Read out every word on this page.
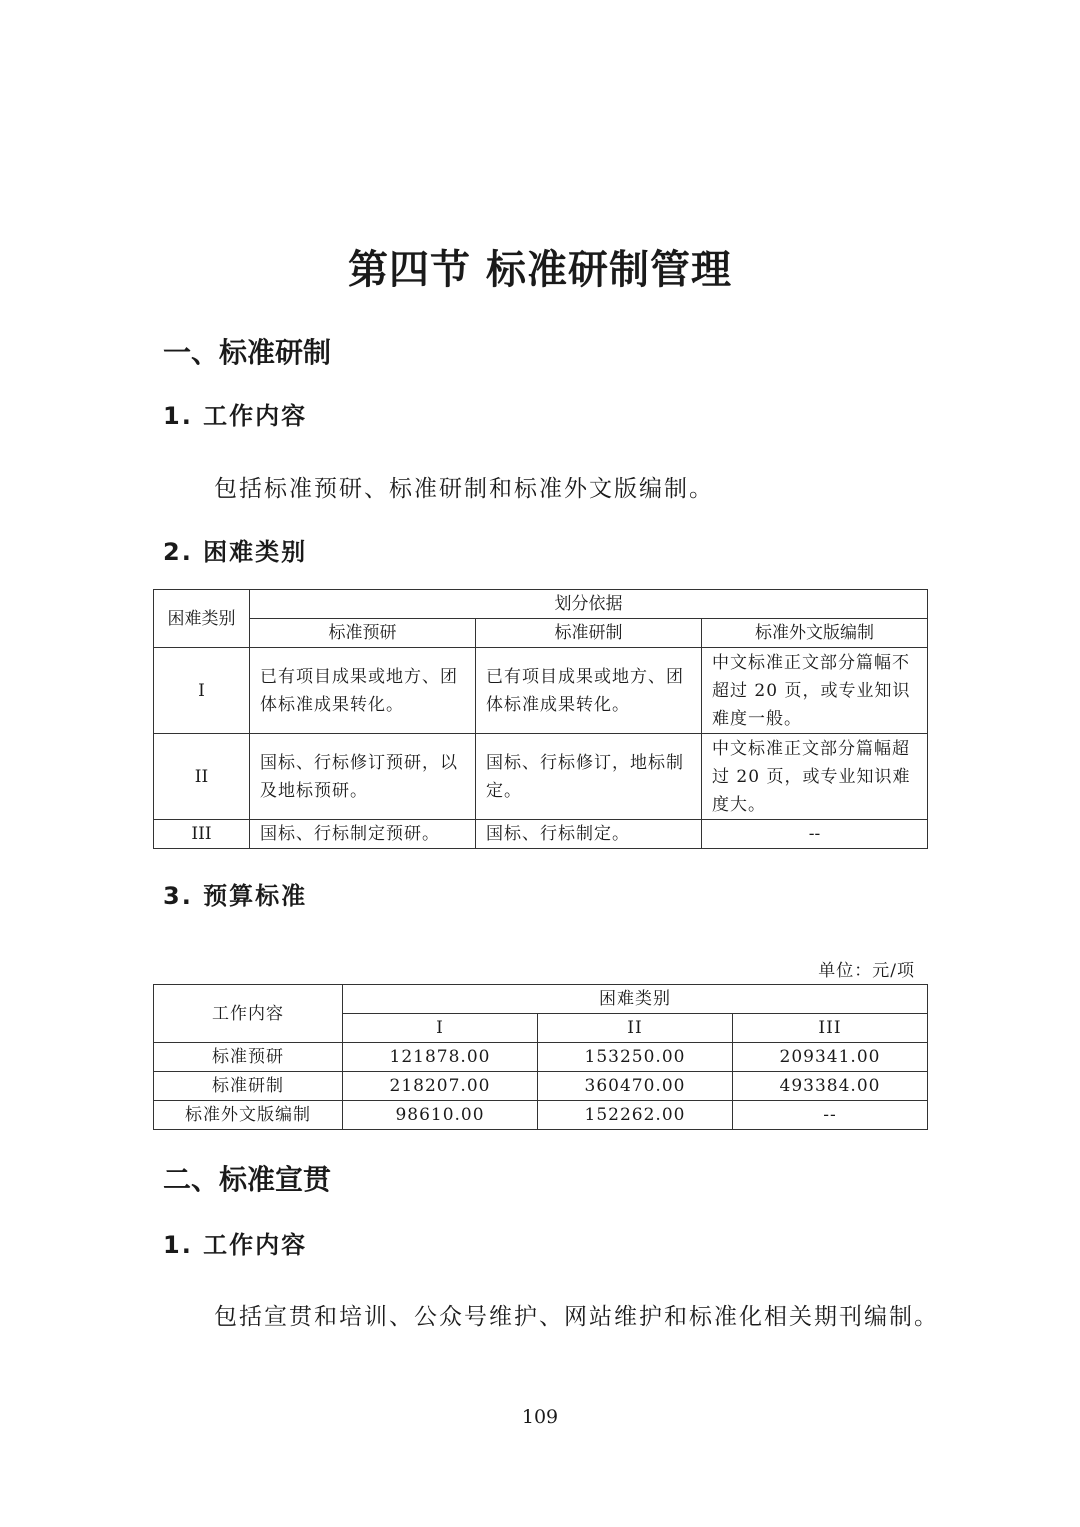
第四节 标准研制管理
一、标准研制
1. 工作内容
包括标准预研、标准研制和标准外文版编制。
2. 困难类别
困难类别	划分依据		
	标准预研	标准研制	标准外文版编制
I	已有项目成果或地方、团体标准成果转化。	已有项目成果或地方、团体标准成果转化。	中文标准正文部分篇幅不超过 20 页，或专业知识难度一般。
II	国标、行标修订预研，以及地标预研。	国标、行标修订，地标制定。	中文标准正文部分篇幅超过 20 页，或专业知识难度大。
III	国标、行标制定预研。	国标、行标制定。	--
3. 预算标准
单位：元/项
工作内容	困难类别		
	I	II	III
标准预研	121878.00	153250.00	209341.00
标准研制	218207.00	360470.00	493384.00
标准外文版编制	98610.00	152262.00	--
二、标准宣贯
1. 工作内容
包括宣贯和培训、公众号维护、网站维护和标准化相关期刊编制。
109
